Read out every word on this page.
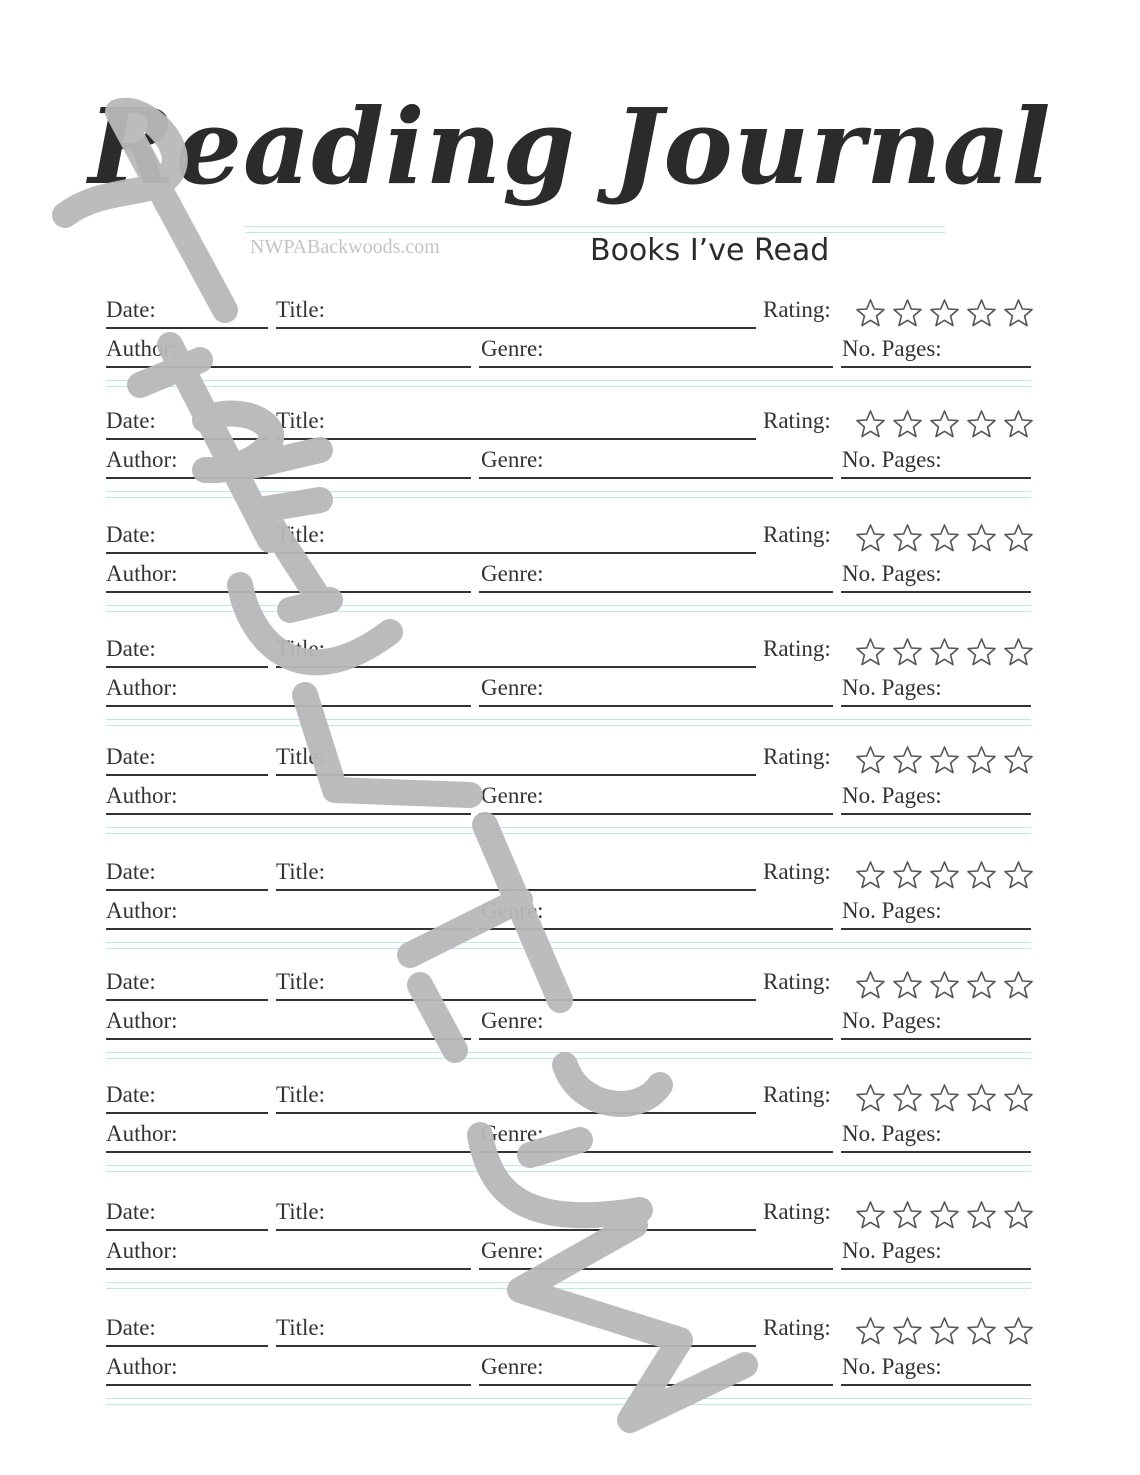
Reading Journal
NWPABackwoods.com	Books I’ve Read
Date:	Title:	Rating:
Author:	Genre:	No. Pages:
Date:	Title:	Rating:
Author:	Genre:	No. Pages:
Date:	Title:	Rating:
Author:	Genre:	No. Pages:
Date:	Title:	Rating:
Author:	Genre:	No. Pages:
Date:	Title:	Rating:
Author:	Genre:	No. Pages:
Date:	Title:	Rating:
Author:	Genre:	No. Pages:
Date:	Title:	Rating:
Author:	Genre:	No. Pages:
Date:	Title:	Rating:
Author:	Genre:	No. Pages:
Date:	Title:	Rating:
Author:	Genre:	No. Pages:
Date:	Title:	Rating:
Author:	Genre:	No. Pages:
